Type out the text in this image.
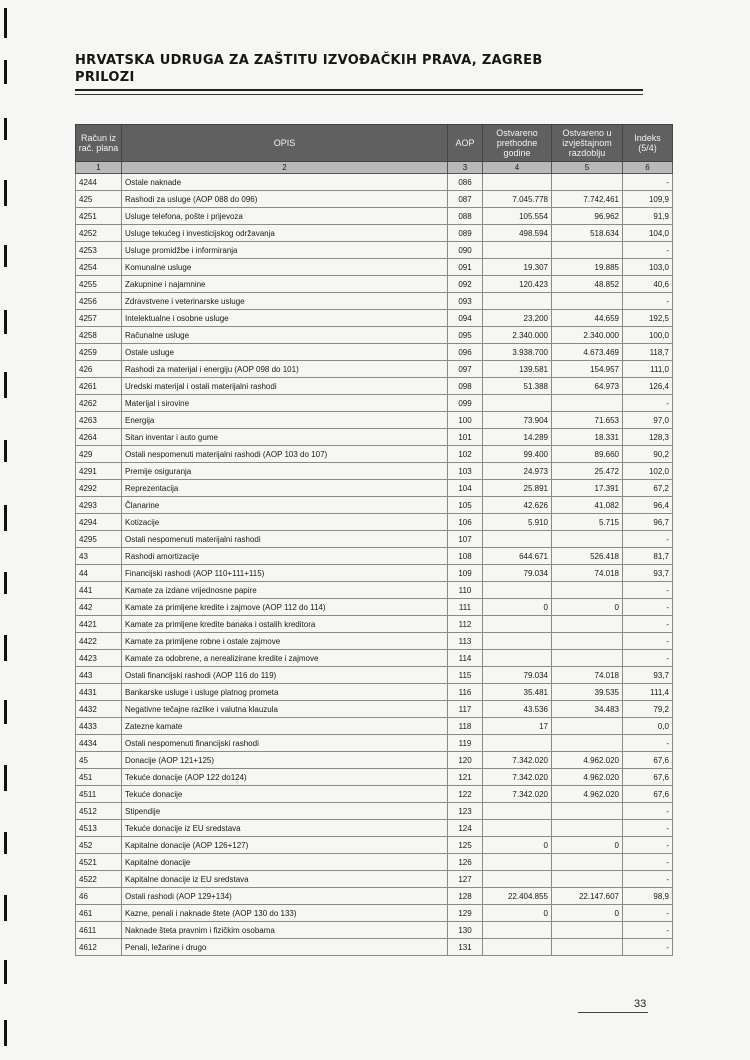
HRVATSKA UDRUGA ZA ZAŠTITU IZVOĐAČKIH PRAVA, ZAGREB
PRILOZI
Račun iz rač. plana	OPIS	AOP	Ostvareno prethodne godine	Ostvareno u izvještajnom razdoblju	Indeks (5/4)
1	2	3	4	5	6
4244	Ostale naknade	086			-
425	Rashodi za usluge (AOP 088 do 096)	087	7.045.778	7.742.461	109,9
4251	Usluge telefona, pošte i prijevoza	088	105.554	96.962	91,9
4252	Usluge tekućeg i investicijskog održavanja	089	498.594	518.634	104,0
4253	Usluge promidžbe i informiranja	090			-
4254	Komunalne usluge	091	19.307	19.885	103,0
4255	Zakupnine i najamnine	092	120.423	48.852	40,6
4256	Zdravstvene i veterinarske usluge	093			-
4257	Intelektualne i osobne usluge	094	23.200	44.659	192,5
4258	Računalne usluge	095	2.340.000	2.340.000	100,0
4259	Ostale usluge	096	3.938.700	4.673.469	118,7
426	Rashodi za materijal i energiju (AOP 098 do 101)	097	139.581	154.957	111,0
4261	Uredski materijal i ostali materijalni rashodi	098	51.388	64.973	126,4
4262	Materijal i sirovine	099			-
4263	Energija	100	73.904	71.653	97,0
4264	Sitan inventar i auto gume	101	14.289	18.331	128,3
429	Ostali nespomenuti materijalni rashodi (AOP 103 do 107)	102	99.400	89.660	90,2
4291	Premije osiguranja	103	24.973	25.472	102,0
4292	Reprezentacija	104	25.891	17.391	67,2
4293	Članarine	105	42.626	41.082	96,4
4294	Kotizacije	106	5.910	5.715	96,7
4295	Ostali nespomenuti materijalni rashodi	107			-
43	Rashodi amortizacije	108	644.671	526.418	81,7
44	Financijski rashodi (AOP 110+111+115)	109	79.034	74.018	93,7
441	Kamate za izdane vrijednosne papire	110			-
442	Kamate za primljene kredite i zajmove (AOP 112 do 114)	111	0	0	-
4421	Kamate za primljene kredite banaka i ostalih kreditora	112			-
4422	Kamate za primljene robne i ostale zajmove	113			-
4423	Kamate za odobrene, a nerealizirane kredite i zajmove	114			-
443	Ostali financijski rashodi (AOP 116 do 119)	115	79.034	74.018	93,7
4431	Bankarske usluge i usluge platnog prometa	116	35.481	39.535	111,4
4432	Negativne tečajne razlike i valutna klauzula	117	43.536	34.483	79,2
4433	Zatezne kamate	118	17		0,0
4434	Ostali nespomenuti financijski rashodi	119			-
45	Donacije (AOP 121+125)	120	7.342.020	4.962.020	67,6
451	Tekuće donacije (AOP 122 do124)	121	7.342.020	4.962.020	67,6
4511	Tekuće donacije	122	7.342.020	4.962.020	67,6
4512	Stipendije	123			-
4513	Tekuće donacije iz EU sredstava	124			-
452	Kapitalne donacije (AOP 126+127)	125	0	0	-
4521	Kapitalne donacije	126			-
4522	Kapitalne donacije iz EU sredstava	127			-
46	Ostali rashodi (AOP 129+134)	128	22.404.855	22.147.607	98,9
461	Kazne, penali i naknade štete (AOP 130 do 133)	129	0	0	-
4611	Naknade šteta pravnim i fizičkim osobama	130			-
4612	Penali, ležarine i drugo	131			-
33
